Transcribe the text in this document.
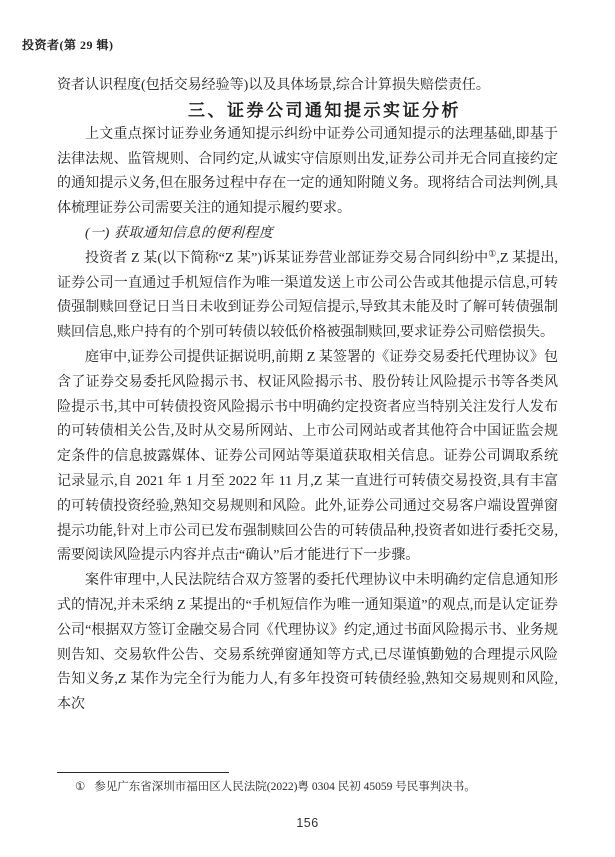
投资者(第 29 辑)

资者认识程度(包括交易经验等)以及具体场景,综合计算损失赔偿责任。

三、证券公司通知提示实证分析

上文重点探讨证券业务通知提示纠纷中证券公司通知提示的法理基础,即基于法律法规、监管规则、合同约定,从诚实守信原则出发,证券公司并无合同直接约定的通知提示义务,但在服务过程中存在一定的通知附随义务。现将结合司法判例,具体梳理证券公司需要关注的通知提示履约要求。

(一) 获取通知信息的便利程度

投资者 Z 某(以下简称“Z 某”)诉某证券营业部证券交易合同纠纷中①,Z 某提出,证券公司一直通过手机短信作为唯一渠道发送上市公司公告或其他提示信息,可转债强制赎回登记日当日未收到证券公司短信提示,导致其未能及时了解可转债强制赎回信息,账户持有的个别可转债以较低价格被强制赎回,要求证券公司赔偿损失。

庭审中,证券公司提供证据说明,前期 Z 某签署的《证券交易委托代理协议》包含了证券交易委托风险揭示书、权证风险揭示书、股份转让风险提示书等各类风险提示书,其中可转债投资风险揭示书中明确约定投资者应当特别关注发行人发布的可转债相关公告,及时从交易所网站、上市公司网站或者其他符合中国证监会规定条件的信息披露媒体、证券公司网站等渠道获取相关信息。证券公司调取系统记录显示,自 2021 年 1 月至 2022 年 11 月,Z 某一直进行可转债交易投资,具有丰富的可转债投资经验,熟知交易规则和风险。此外,证券公司通过交易客户端设置弹窗提示功能,针对上市公司已发布强制赎回公告的可转债品种,投资者如进行委托交易,需要阅读风险提示内容并点击“确认”后才能进行下一步骤。

案件审理中,人民法院结合双方签署的委托代理协议中未明确约定信息通知形式的情况,并未采纳 Z 某提出的“手机短信作为唯一通知渠道”的观点,而是认定证券公司“根据双方签订金融交易合同《代理协议》约定,通过书面风险揭示书、业务规则告知、交易软件公告、交易系统弹窗通知等方式,已尽谨慎勤勉的合理提示风险告知义务,Z 某作为完全行为能力人,有多年投资可转债经验,熟知交易规则和风险,本次

① 参见广东省深圳市福田区人民法院(2022)粤 0304 民初 45059 号民事判决书。

156
